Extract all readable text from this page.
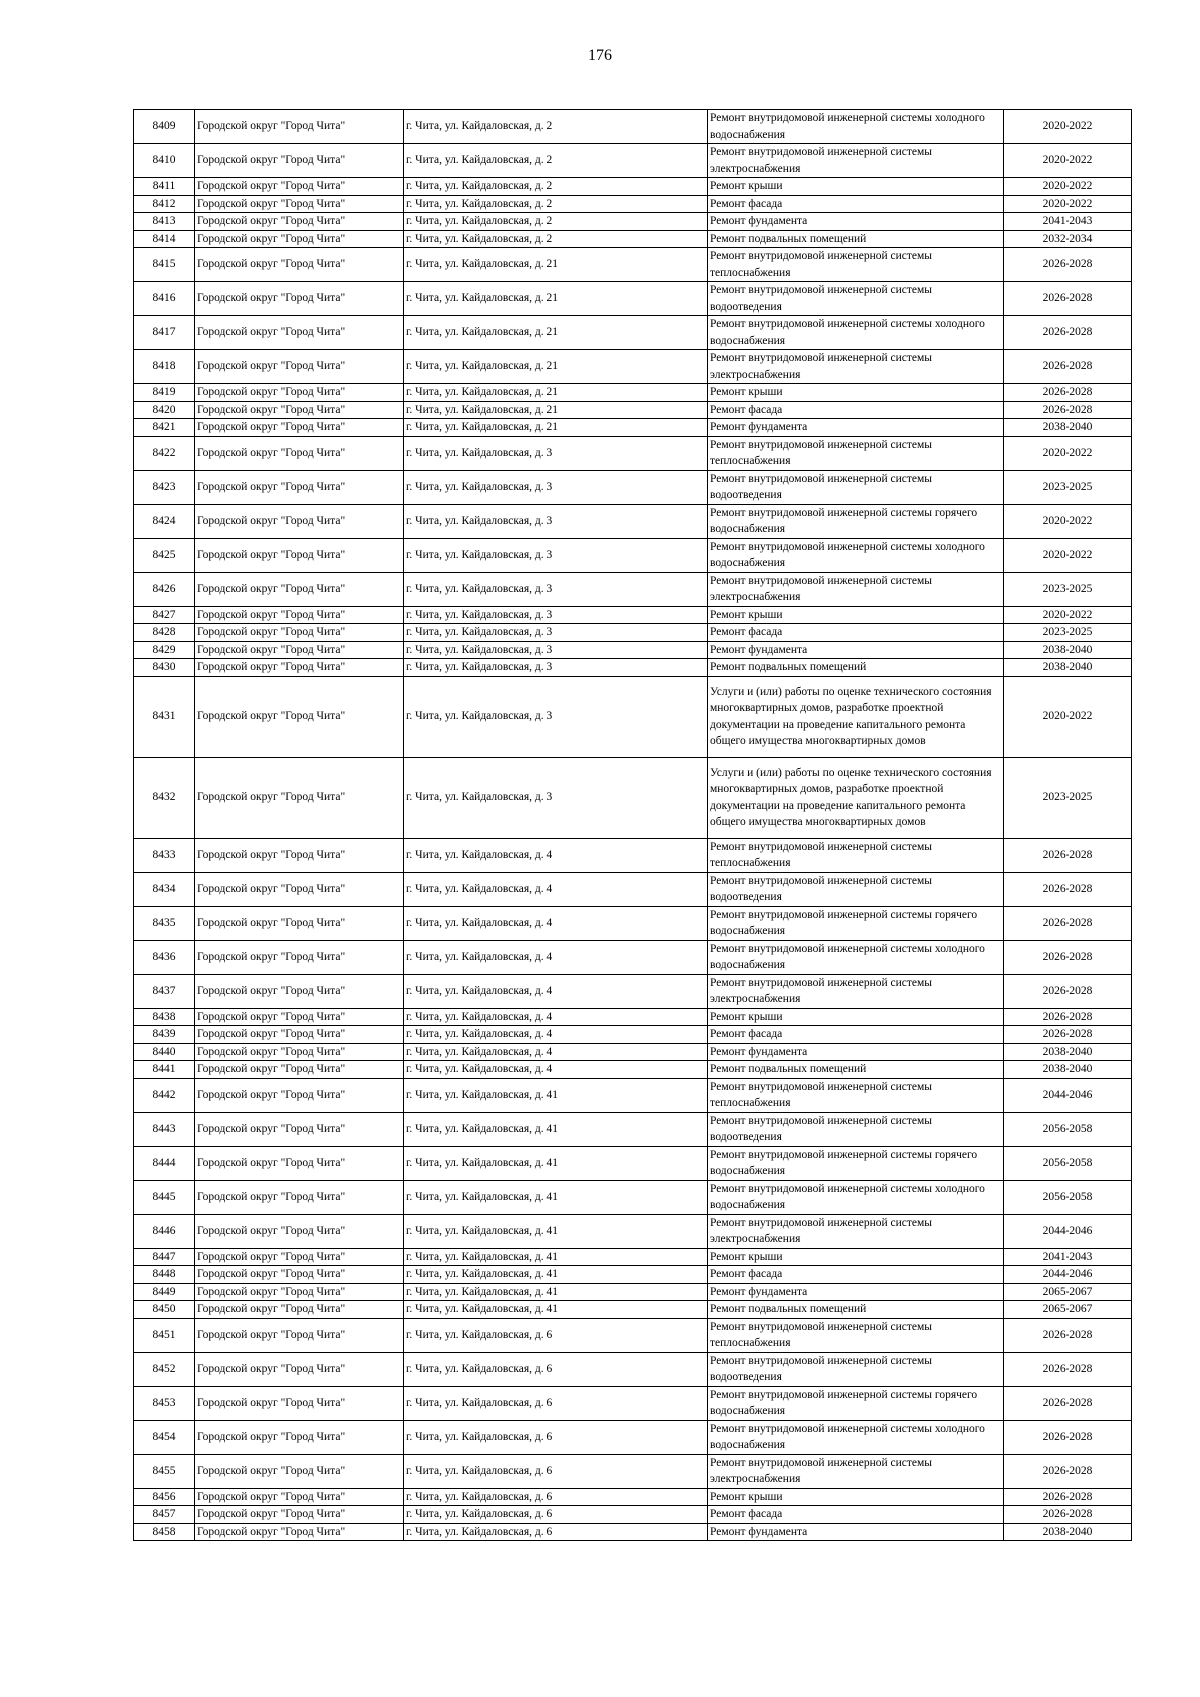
176
8409	Городской округ "Город Чита"	г. Чита, ул. Кайдаловская, д. 2	Ремонт внутридомовой инженерной системы холодного водоснабжения	2020-2022
8410	Городской округ "Город Чита"	г. Чита, ул. Кайдаловская, д. 2	Ремонт внутридомовой инженерной системы электроснабжения	2020-2022
8411	Городской округ "Город Чита"	г. Чита, ул. Кайдаловская, д. 2	Ремонт крыши	2020-2022
8412	Городской округ "Город Чита"	г. Чита, ул. Кайдаловская, д. 2	Ремонт фасада	2020-2022
8413	Городской округ "Город Чита"	г. Чита, ул. Кайдаловская, д. 2	Ремонт фундамента	2041-2043
8414	Городской округ "Город Чита"	г. Чита, ул. Кайдаловская, д. 2	Ремонт подвальных помещений	2032-2034
8415	Городской округ "Город Чита"	г. Чита, ул. Кайдаловская, д. 21	Ремонт внутридомовой инженерной системы теплоснабжения	2026-2028
8416	Городской округ "Город Чита"	г. Чита, ул. Кайдаловская, д. 21	Ремонт внутридомовой инженерной системы водоотведения	2026-2028
8417	Городской округ "Город Чита"	г. Чита, ул. Кайдаловская, д. 21	Ремонт внутридомовой инженерной системы холодного водоснабжения	2026-2028
8418	Городской округ "Город Чита"	г. Чита, ул. Кайдаловская, д. 21	Ремонт внутридомовой инженерной системы электроснабжения	2026-2028
8419	Городской округ "Город Чита"	г. Чита, ул. Кайдаловская, д. 21	Ремонт крыши	2026-2028
8420	Городской округ "Город Чита"	г. Чита, ул. Кайдаловская, д. 21	Ремонт фасада	2026-2028
8421	Городской округ "Город Чита"	г. Чита, ул. Кайдаловская, д. 21	Ремонт фундамента	2038-2040
8422	Городской округ "Город Чита"	г. Чита, ул. Кайдаловская, д. 3	Ремонт внутридомовой инженерной системы теплоснабжения	2020-2022
8423	Городской округ "Город Чита"	г. Чита, ул. Кайдаловская, д. 3	Ремонт внутридомовой инженерной системы водоотведения	2023-2025
8424	Городской округ "Город Чита"	г. Чита, ул. Кайдаловская, д. 3	Ремонт внутридомовой инженерной системы горячего водоснабжения	2020-2022
8425	Городской округ "Город Чита"	г. Чита, ул. Кайдаловская, д. 3	Ремонт внутридомовой инженерной системы холодного водоснабжения	2020-2022
8426	Городской округ "Город Чита"	г. Чита, ул. Кайдаловская, д. 3	Ремонт внутридомовой инженерной системы электроснабжения	2023-2025
8427	Городской округ "Город Чита"	г. Чита, ул. Кайдаловская, д. 3	Ремонт крыши	2020-2022
8428	Городской округ "Город Чита"	г. Чита, ул. Кайдаловская, д. 3	Ремонт фасада	2023-2025
8429	Городской округ "Город Чита"	г. Чита, ул. Кайдаловская, д. 3	Ремонт фундамента	2038-2040
8430	Городской округ "Город Чита"	г. Чита, ул. Кайдаловская, д. 3	Ремонт подвальных помещений	2038-2040
8431	Городской округ "Город Чита"	г. Чита, ул. Кайдаловская, д. 3	Услуги и (или) работы по оценке технического состояния многоквартирных домов, разработке проектной документации на проведение капитального ремонта общего имущества многоквартирных домов	2020-2022
8432	Городской округ "Город Чита"	г. Чита, ул. Кайдаловская, д. 3	Услуги и (или) работы по оценке технического состояния многоквартирных домов, разработке проектной документации на проведение капитального ремонта общего имущества многоквартирных домов	2023-2025
8433	Городской округ "Город Чита"	г. Чита, ул. Кайдаловская, д. 4	Ремонт внутридомовой инженерной системы теплоснабжения	2026-2028
8434	Городской округ "Город Чита"	г. Чита, ул. Кайдаловская, д. 4	Ремонт внутридомовой инженерной системы водоотведения	2026-2028
8435	Городской округ "Город Чита"	г. Чита, ул. Кайдаловская, д. 4	Ремонт внутридомовой инженерной системы горячего водоснабжения	2026-2028
8436	Городской округ "Город Чита"	г. Чита, ул. Кайдаловская, д. 4	Ремонт внутридомовой инженерной системы холодного водоснабжения	2026-2028
8437	Городской округ "Город Чита"	г. Чита, ул. Кайдаловская, д. 4	Ремонт внутридомовой инженерной системы электроснабжения	2026-2028
8438	Городской округ "Город Чита"	г. Чита, ул. Кайдаловская, д. 4	Ремонт крыши	2026-2028
8439	Городской округ "Город Чита"	г. Чита, ул. Кайдаловская, д. 4	Ремонт фасада	2026-2028
8440	Городской округ "Город Чита"	г. Чита, ул. Кайдаловская, д. 4	Ремонт фундамента	2038-2040
8441	Городской округ "Город Чита"	г. Чита, ул. Кайдаловская, д. 4	Ремонт подвальных помещений	2038-2040
8442	Городской округ "Город Чита"	г. Чита, ул. Кайдаловская, д. 41	Ремонт внутридомовой инженерной системы теплоснабжения	2044-2046
8443	Городской округ "Город Чита"	г. Чита, ул. Кайдаловская, д. 41	Ремонт внутридомовой инженерной системы водоотведения	2056-2058
8444	Городской округ "Город Чита"	г. Чита, ул. Кайдаловская, д. 41	Ремонт внутридомовой инженерной системы горячего водоснабжения	2056-2058
8445	Городской округ "Город Чита"	г. Чита, ул. Кайдаловская, д. 41	Ремонт внутридомовой инженерной системы холодного водоснабжения	2056-2058
8446	Городской округ "Город Чита"	г. Чита, ул. Кайдаловская, д. 41	Ремонт внутридомовой инженерной системы электроснабжения	2044-2046
8447	Городской округ "Город Чита"	г. Чита, ул. Кайдаловская, д. 41	Ремонт крыши	2041-2043
8448	Городской округ "Город Чита"	г. Чита, ул. Кайдаловская, д. 41	Ремонт фасада	2044-2046
8449	Городской округ "Город Чита"	г. Чита, ул. Кайдаловская, д. 41	Ремонт фундамента	2065-2067
8450	Городской округ "Город Чита"	г. Чита, ул. Кайдаловская, д. 41	Ремонт подвальных помещений	2065-2067
8451	Городской округ "Город Чита"	г. Чита, ул. Кайдаловская, д. 6	Ремонт внутридомовой инженерной системы теплоснабжения	2026-2028
8452	Городской округ "Город Чита"	г. Чита, ул. Кайдаловская, д. 6	Ремонт внутридомовой инженерной системы водоотведения	2026-2028
8453	Городской округ "Город Чита"	г. Чита, ул. Кайдаловская, д. 6	Ремонт внутридомовой инженерной системы горячего водоснабжения	2026-2028
8454	Городской округ "Город Чита"	г. Чита, ул. Кайдаловская, д. 6	Ремонт внутридомовой инженерной системы холодного водоснабжения	2026-2028
8455	Городской округ "Город Чита"	г. Чита, ул. Кайдаловская, д. 6	Ремонт внутридомовой инженерной системы электроснабжения	2026-2028
8456	Городской округ "Город Чита"	г. Чита, ул. Кайдаловская, д. 6	Ремонт крыши	2026-2028
8457	Городской округ "Город Чита"	г. Чита, ул. Кайдаловская, д. 6	Ремонт фасада	2026-2028
8458	Городской округ "Город Чита"	г. Чита, ул. Кайдаловская, д. 6	Ремонт фундамента	2038-2040
